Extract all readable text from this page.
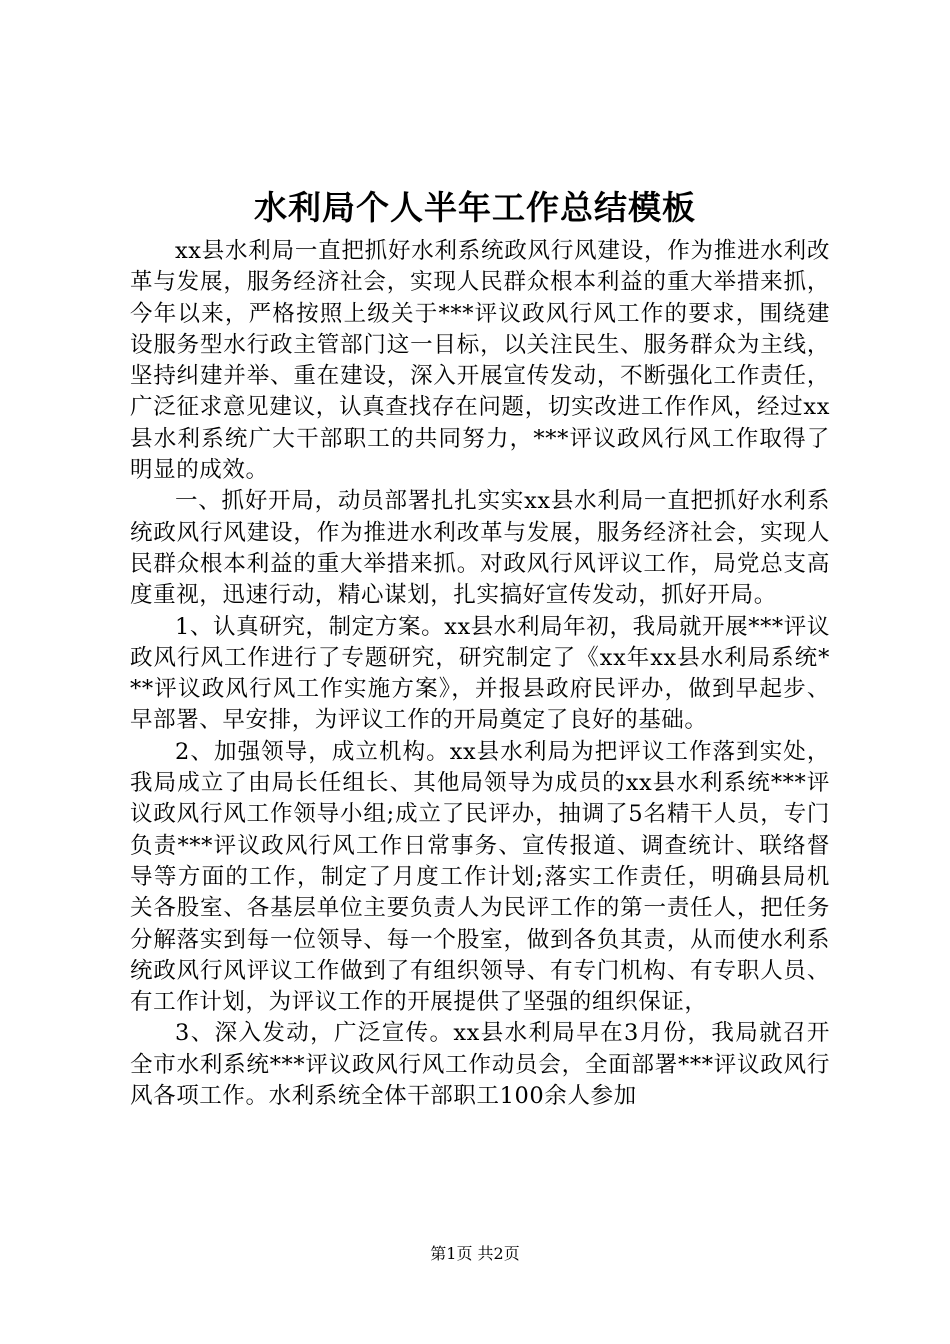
水利局个人半年工作总结模板

xx县水利局一直把抓好水利系统政风行风建设，作为推进水利改革与发展，服务经济社会，实现人民群众根本利益的重大举措来抓，今年以来，严格按照上级关于***评议政风行风工作的要求，围绕建设服务型水行政主管部门这一目标，以关注民生、服务群众为主线，坚持纠建并举、重在建设，深入开展宣传发动，不断强化工作责任，广泛征求意见建议，认真查找存在问题，切实改进工作作风，经过xx县水利系统广大干部职工的共同努力，***评议政风行风工作取得了明显的成效。

一、抓好开局，动员部署扎扎实实xx县水利局一直把抓好水利系统政风行风建设，作为推进水利改革与发展，服务经济社会，实现人民群众根本利益的重大举措来抓。对政风行风评议工作，局党总支高度重视，迅速行动，精心谋划，扎实搞好宣传发动，抓好开局。

1、认真研究，制定方案。xx县水利局年初，我局就开展***评议政风行风工作进行了专题研究，研究制定了《xx年xx县水利局系统***评议政风行风工作实施方案》，并报县政府民评办，做到早起步、早部署、早安排，为评议工作的开局奠定了良好的基础。

2、加强领导，成立机构。xx县水利局为把评议工作落到实处，我局成立了由局长任组长、其他局领导为成员的xx县水利系统***评议政风行风工作领导小组;成立了民评办，抽调了5名精干人员，专门负责***评议政风行风工作日常事务、宣传报道、调查统计、联络督导等方面的工作，制定了月度工作计划;落实工作责任，明确县局机关各股室、各基层单位主要负责人为民评工作的第一责任人，把任务分解落实到每一位领导、每一个股室，做到各负其责，从而使水利系统政风行风评议工作做到了有组织领导、有专门机构、有专职人员、有工作计划，为评议工作的开展提供了坚强的组织保证，

3、深入发动，广泛宣传。xx县水利局早在3月份，我局就召开全市水利系统***评议政风行风工作动员会，全面部署***评议政风行风各项工作。水利系统全体干部职工100余人参加

第1页 共2页
